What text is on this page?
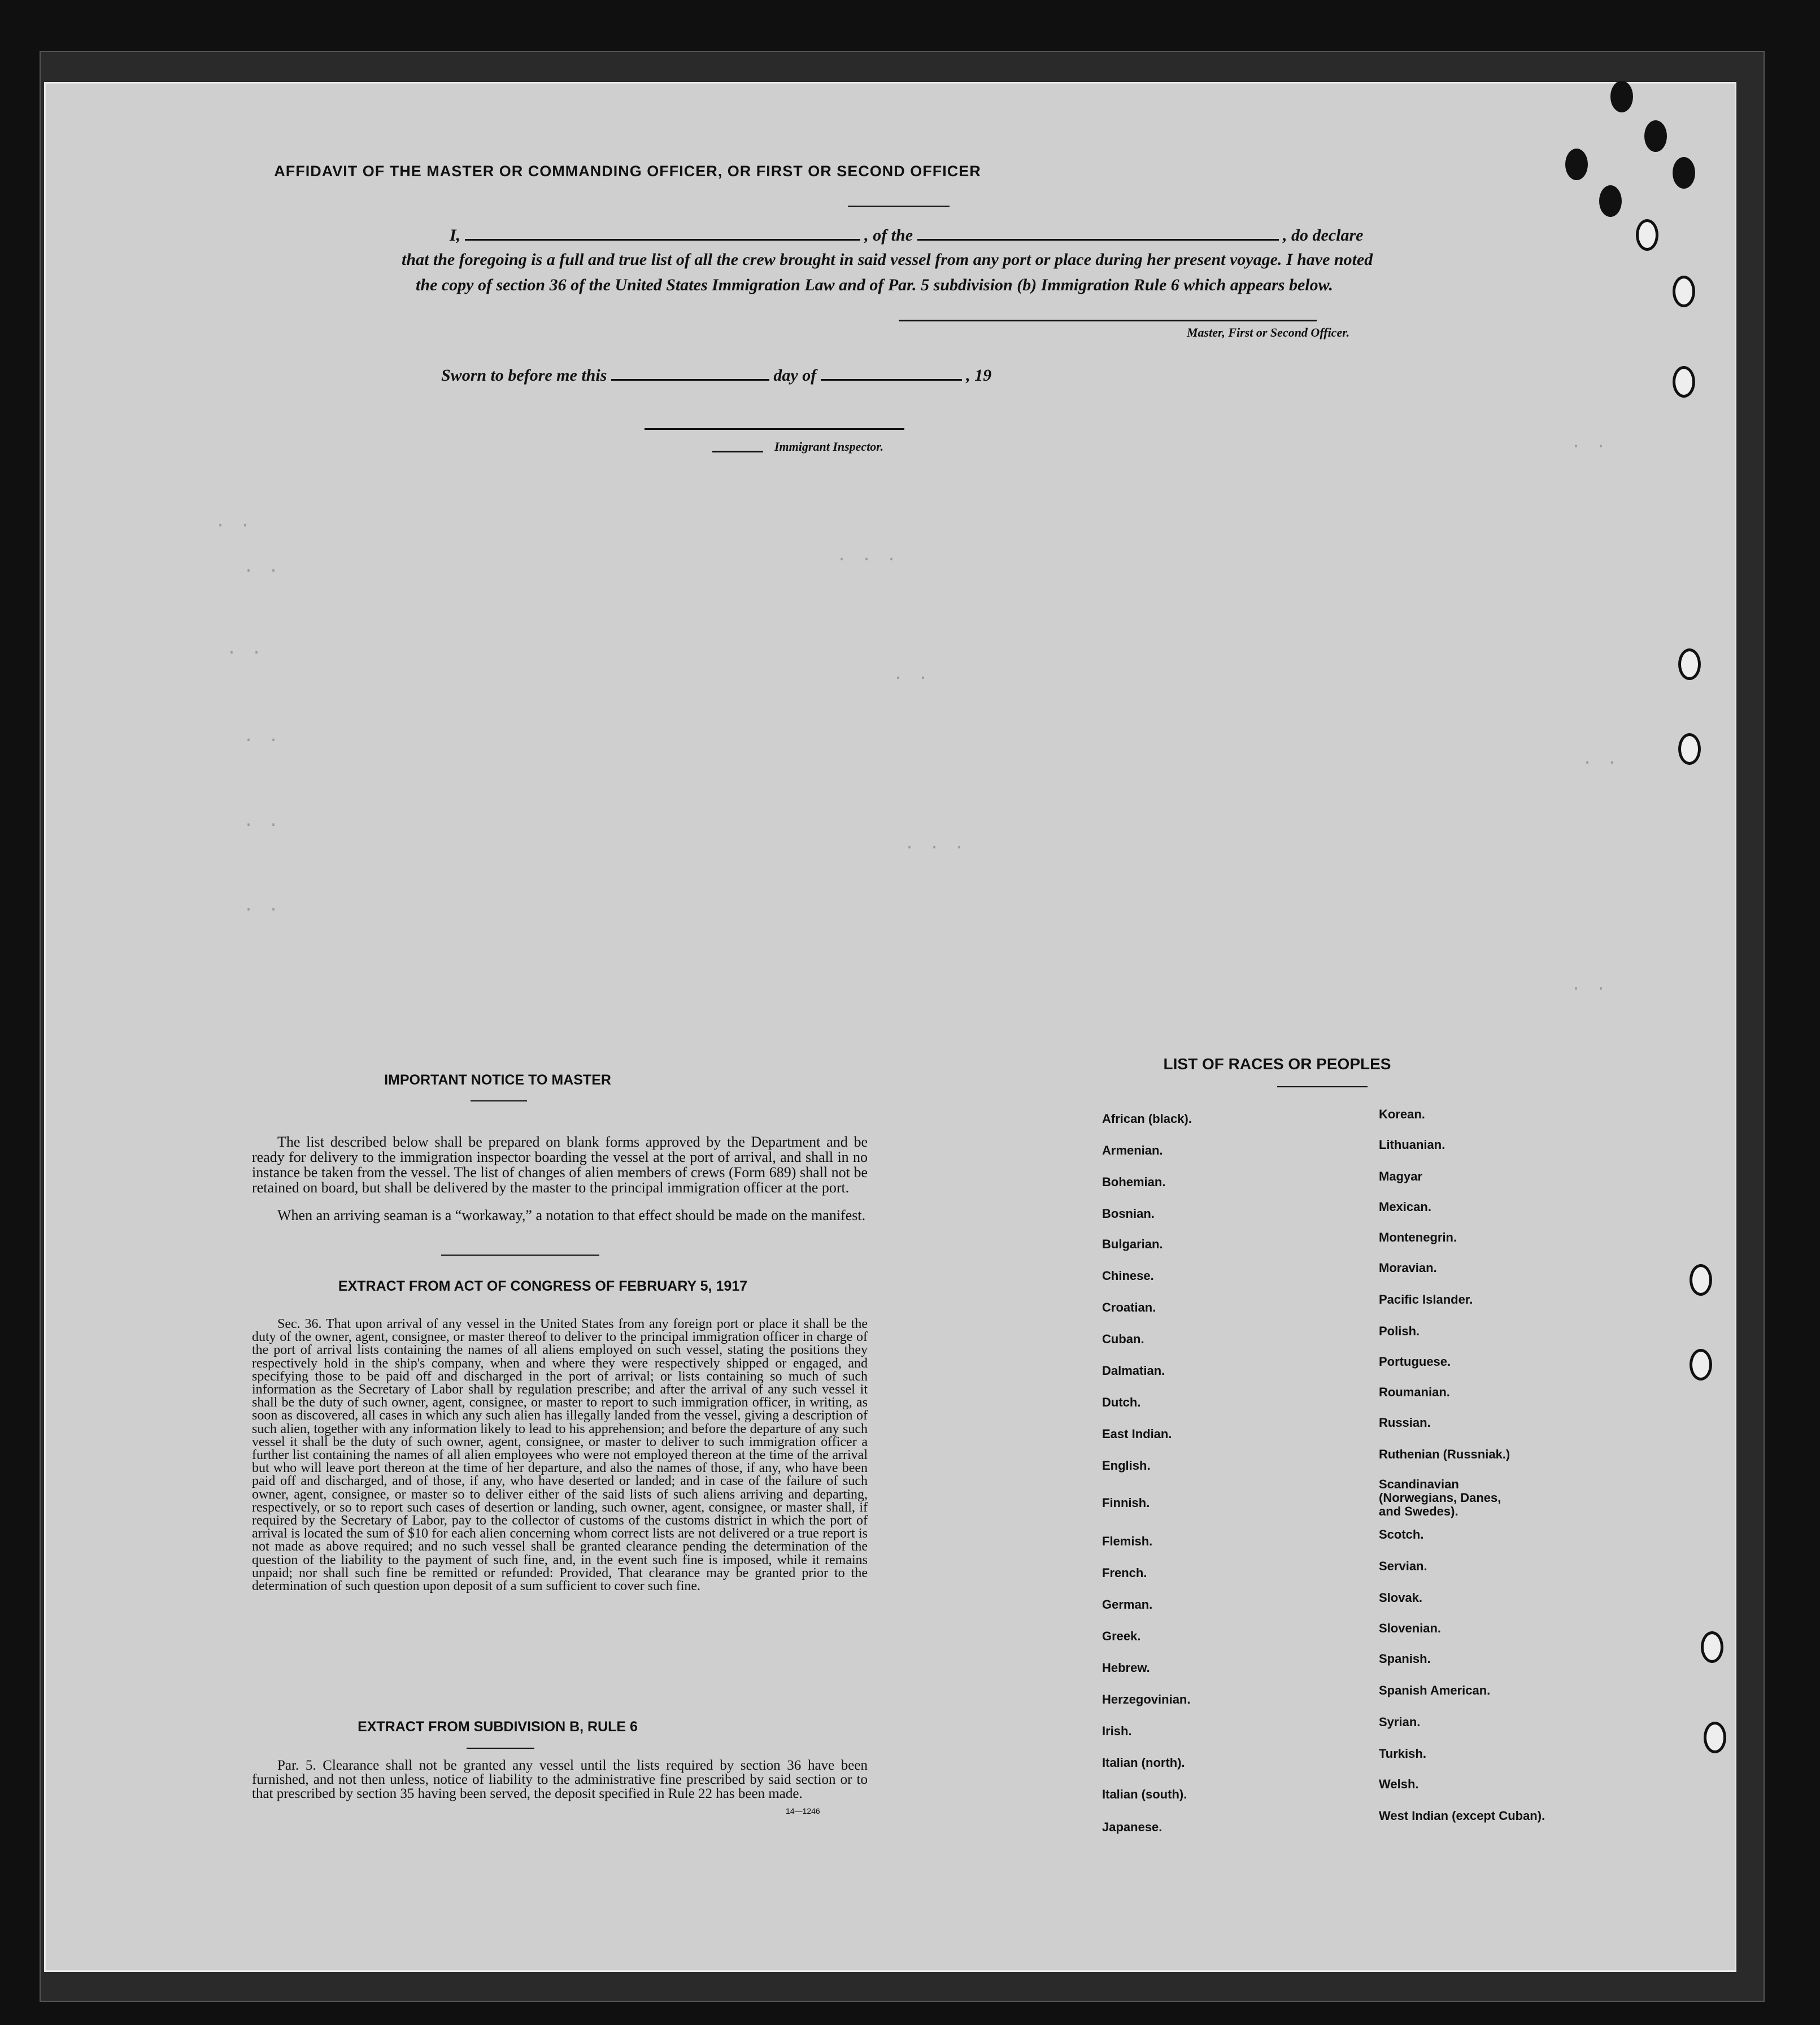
. .
. .
. .
. .
. .
. .
. . .
. .
. . .
. .
. .
. .
AFFIDAVIT OF THE MASTER OR COMMANDING OFFICER, OR FIRST OR SECOND OFFICER
I,	, of the	, do declare
that the foregoing is a full and true list of all the crew brought in said vessel from any port or place during her present voyage. I have noted
the copy of section 36 of the United States Immigration Law and of Par. 5 subdivision (b) Immigration Rule 6 which appears below.
Master, First or Second Officer.
Sworn to before me this	day of	, 19
Immigrant Inspector.
IMPORTANT NOTICE TO MASTER
The list described below shall be prepared on blank forms approved by the Department and be ready for delivery to the immigration inspector boarding the vessel at the port of arrival, and shall in no instance be taken from the vessel. The list of changes of alien members of crews (Form 689) shall not be retained on board, but shall be delivered by the master to the principal immigration officer at the port.
When an arriving seaman is a “workaway,” a notation to that effect should be made on the manifest.
EXTRACT FROM ACT OF CONGRESS OF FEBRUARY 5, 1917
Sec. 36. That upon arrival of any vessel in the United States from any foreign port or place it shall be the duty of the owner, agent, consignee, or master thereof to deliver to the principal immigration officer in charge of the port of arrival lists containing the names of all aliens employed on such vessel, stating the positions they respectively hold in the ship's company, when and where they were respectively shipped or engaged, and specifying those to be paid off and discharged in the port of arrival; or lists containing so much of such information as the Secretary of Labor shall by regulation prescribe; and after the arrival of any such vessel it shall be the duty of such owner, agent, consignee, or master to report to such immigration officer, in writing, as soon as discovered, all cases in which any such alien has illegally landed from the vessel, giving a description of such alien, together with any information likely to lead to his apprehension; and before the departure of any such vessel it shall be the duty of such owner, agent, consignee, or master to deliver to such immigration officer a further list containing the names of all alien employees who were not employed thereon at the time of the arrival but who will leave port thereon at the time of her departure, and also the names of those, if any, who have been paid off and discharged, and of those, if any, who have deserted or landed; and in case of the failure of such owner, agent, consignee, or master so to deliver either of the said lists of such aliens arriving and departing, respectively, or so to report such cases of desertion or landing, such owner, agent, consignee, or master shall, if required by the Secretary of Labor, pay to the collector of customs of the customs district in which the port of arrival is located the sum of $10 for each alien concerning whom correct lists are not delivered or a true report is not made as above required; and no such vessel shall be granted clearance pending the determination of the question of the liability to the payment of such fine, and, in the event such fine is imposed, while it remains unpaid; nor shall such fine be remitted or refunded: Provided, That clearance may be granted prior to the determination of such question upon deposit of a sum sufficient to cover such fine.
EXTRACT FROM SUBDIVISION B, RULE 6
Par. 5. Clearance shall not be granted any vessel until the lists required by section 36 have been furnished, and not then unless, notice of liability to the administrative fine prescribed by said section or to that prescribed by section 35 having been served, the deposit specified in Rule 22 has been made.
14—1246
LIST OF RACES OR PEOPLES
African (black).
Armenian.
Bohemian.
Bosnian.
Bulgarian.
Chinese.
Croatian.
Cuban.
Dalmatian.
Dutch.
East Indian.
English.
Finnish.
Flemish.
French.
German.
Greek.
Hebrew.
Herzegovinian.
Irish.
Italian (north).
Italian (south).
Japanese.
Korean.
Lithuanian.
Magyar
Mexican.
Montenegrin.
Moravian.
Pacific Islander.
Polish.
Portuguese.
Roumanian.
Russian.
Ruthenian (Russniak.)
Scandinavian (Norwegians, Danes, and Swedes).
Scotch.
Servian.
Slovak.
Slovenian.
Spanish.
Spanish American.
Syrian.
Turkish.
Welsh.
West Indian (except Cuban).
